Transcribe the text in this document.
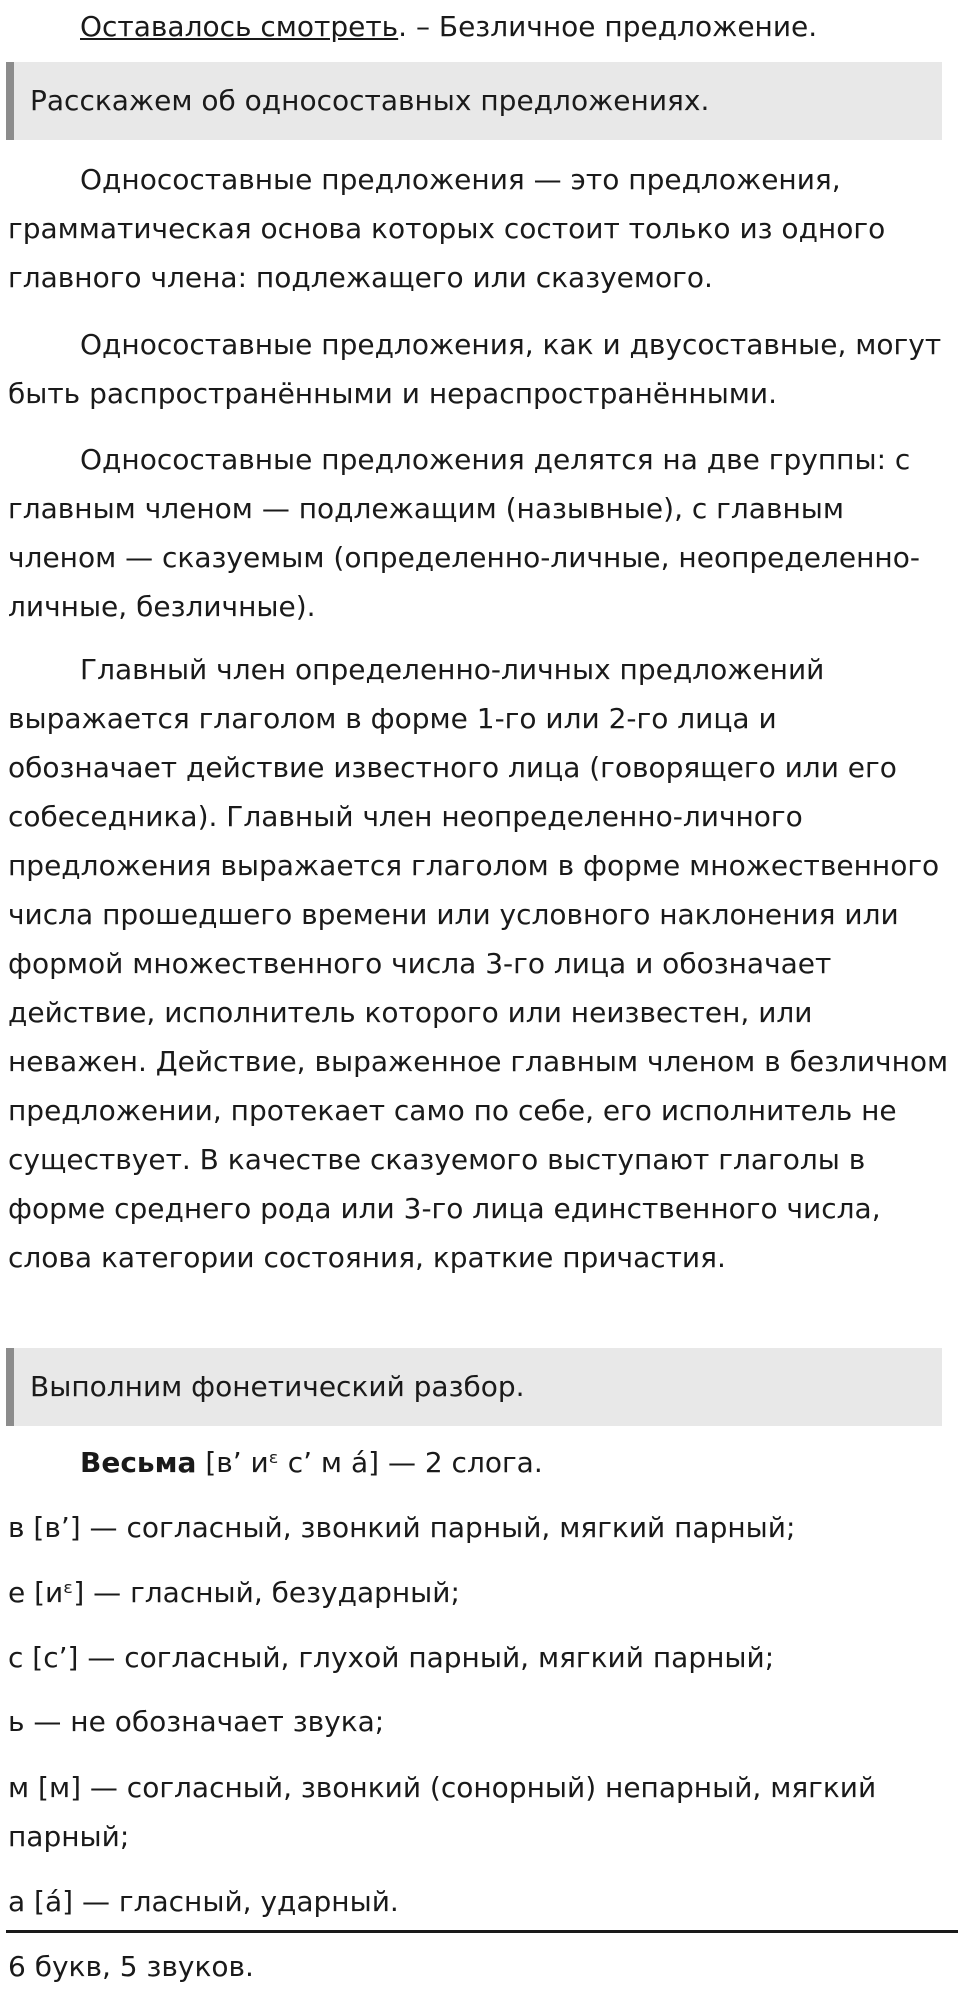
Оставалось смотреть. – Безличное предложение.

Расскажем об односоставных предложениях.

Односоставные предложения — это предложения, грамматическая основа которых состоит только из одного главного члена: подлежащего или сказуемого.

Односоставные предложения, как и двусоставные, могут быть распространёнными и нераспространёнными.

Односоставные предложения делятся на две группы: с главным членом — подлежащим (назывные), с главным членом — сказуемым (определенно-личные, неопределенно-личные, безличные).

Главный член определенно-личных предложений выражается глаголом в форме 1-го или 2-го лица и обозначает действие известного лица (говорящего или его собеседника). Главный член неопределенно-личного предложения выражается глаголом в форме множественного числа прошедшего времени или условного наклонения или формой множественного числа 3-го лица и обозначает действие, исполнитель которого или неизвестен, или неважен. Действие, выраженное главным членом в безличном предложении, протекает само по себе, его исполнитель не существует. В качестве сказуемого выступают глаголы в форме среднего рода или 3-го лица единственного числа, слова категории состояния, краткие причастия.

Выполним фонетический разбор.

Весьма [в’ иᵋ с’ м а́] — 2 слога.

в [в’] — согласный, звонкий парный, мягкий парный;

е [иᵋ] — гласный, безударный;

с [с’] — согласный, глухой парный, мягкий парный;

ь — не обозначает звука;

м [м] — согласный, звонкий (сонорный) непарный, мягкий парный;

а [а́] — гласный, ударный.

6 букв, 5 звуков.
